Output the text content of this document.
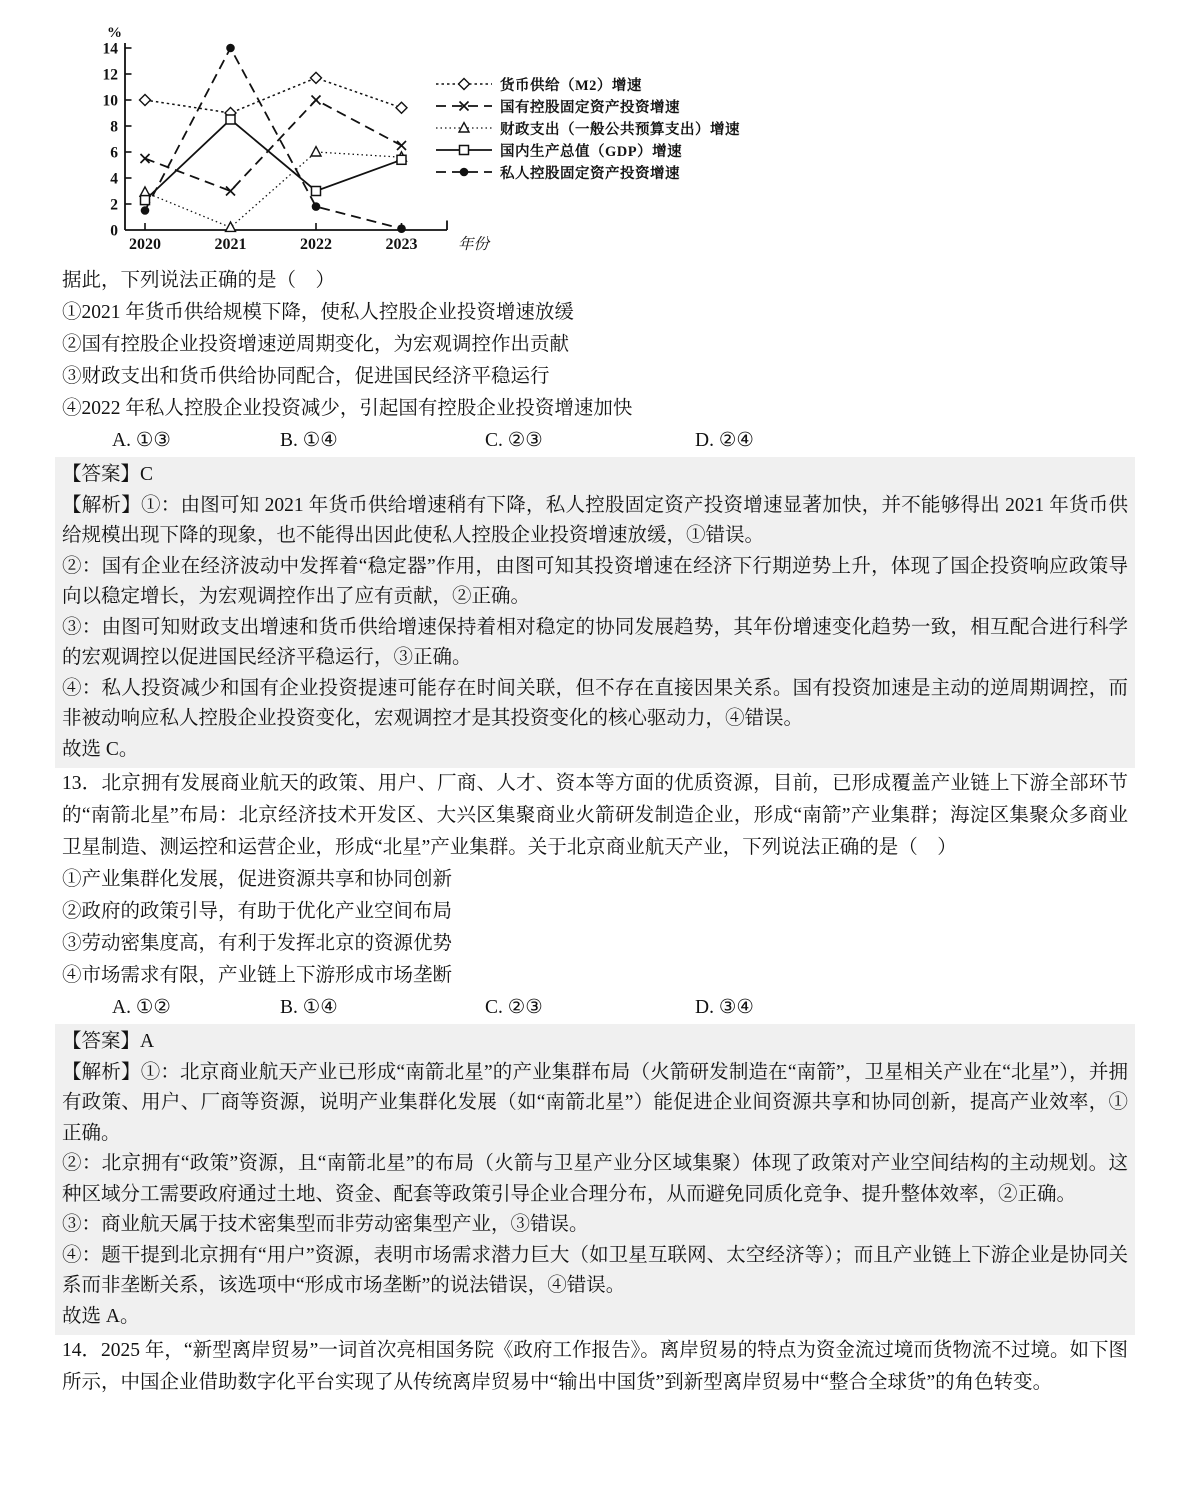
%
0
2
4
6
8
10
12
14
2020	2021	2022	2023	年份
货币供给（M2）增速
国有控股固定资产投资增速
财政支出（一般公共预算支出）增速
国内生产总值（GDP）增速
私人控股固定资产投资增速

据此，下列说法正确的是（　）

①2021 年货币供给规模下降，使私人控股企业投资增速放缓

②国有控股企业投资增速逆周期变化，为宏观调控作出贡献

③财政支出和货币供给协同配合，促进国民经济平稳运行

④2022 年私人控股企业投资减少，引起国有控股企业投资增速加快

A. ①③	B. ①④	C. ②③	D. ②④

【答案】C

【解析】①：由图可知 2021 年货币供给增速稍有下降，私人控股固定资产投资增速显著加快，并不能够得出 2021 年货币供给规模出现下降的现象，也不能得出因此使私人控股企业投资增速放缓，①错误。

②：国有企业在经济波动中发挥着“稳定器”作用，由图可知其投资增速在经济下行期逆势上升，体现了国企投资响应政策导向以稳定增长，为宏观调控作出了应有贡献，②正确。

③：由图可知财政支出增速和货币供给增速保持着相对稳定的协同发展趋势，其年份增速变化趋势一致，相互配合进行科学的宏观调控以促进国民经济平稳运行，③正确。

④：私人投资减少和国有企业投资提速可能存在时间关联，但不存在直接因果关系。国有投资加速是主动的逆周期调控，而非被动响应私人控股企业投资变化，宏观调控才是其投资变化的核心驱动力，④错误。

故选 C。

13．北京拥有发展商业航天的政策、用户、厂商、人才、资本等方面的优质资源，目前，已形成覆盖产业链上下游全部环节的“南箭北星”布局：北京经济技术开发区、大兴区集聚商业火箭研发制造企业，形成“南箭”产业集群；海淀区集聚众多商业卫星制造、测运控和运营企业，形成“北星”产业集群。关于北京商业航天产业，下列说法正确的是（　）

①产业集群化发展，促进资源共享和协同创新

②政府的政策引导，有助于优化产业空间布局

③劳动密集度高，有利于发挥北京的资源优势

④市场需求有限，产业链上下游形成市场垄断

A. ①②	B. ①④	C. ②③	D. ③④

【答案】A

【解析】①：北京商业航天产业已形成“南箭北星”的产业集群布局（火箭研发制造在“南箭”，卫星相关产业在“北星”），并拥有政策、用户、厂商等资源，说明产业集群化发展（如“南箭北星”）能促进企业间资源共享和协同创新，提高产业效率，①正确。

②：北京拥有“政策”资源，且“南箭北星”的布局（火箭与卫星产业分区域集聚）体现了政策对产业空间结构的主动规划。这种区域分工需要政府通过土地、资金、配套等政策引导企业合理分布，从而避免同质化竞争、提升整体效率，②正确。

③：商业航天属于技术密集型而非劳动密集型产业，③错误。

④：题干提到北京拥有“用户”资源，表明市场需求潜力巨大（如卫星互联网、太空经济等）；而且产业链上下游企业是协同关系而非垄断关系，该选项中“形成市场垄断”的说法错误，④错误。

故选 A。

14．2025 年，“新型离岸贸易”一词首次亮相国务院《政府工作报告》。离岸贸易的特点为资金流过境而货物流不过境。如下图所示，中国企业借助数字化平台实现了从传统离岸贸易中“输出中国货”到新型离岸贸易中“整合全球货”的角色转变。
